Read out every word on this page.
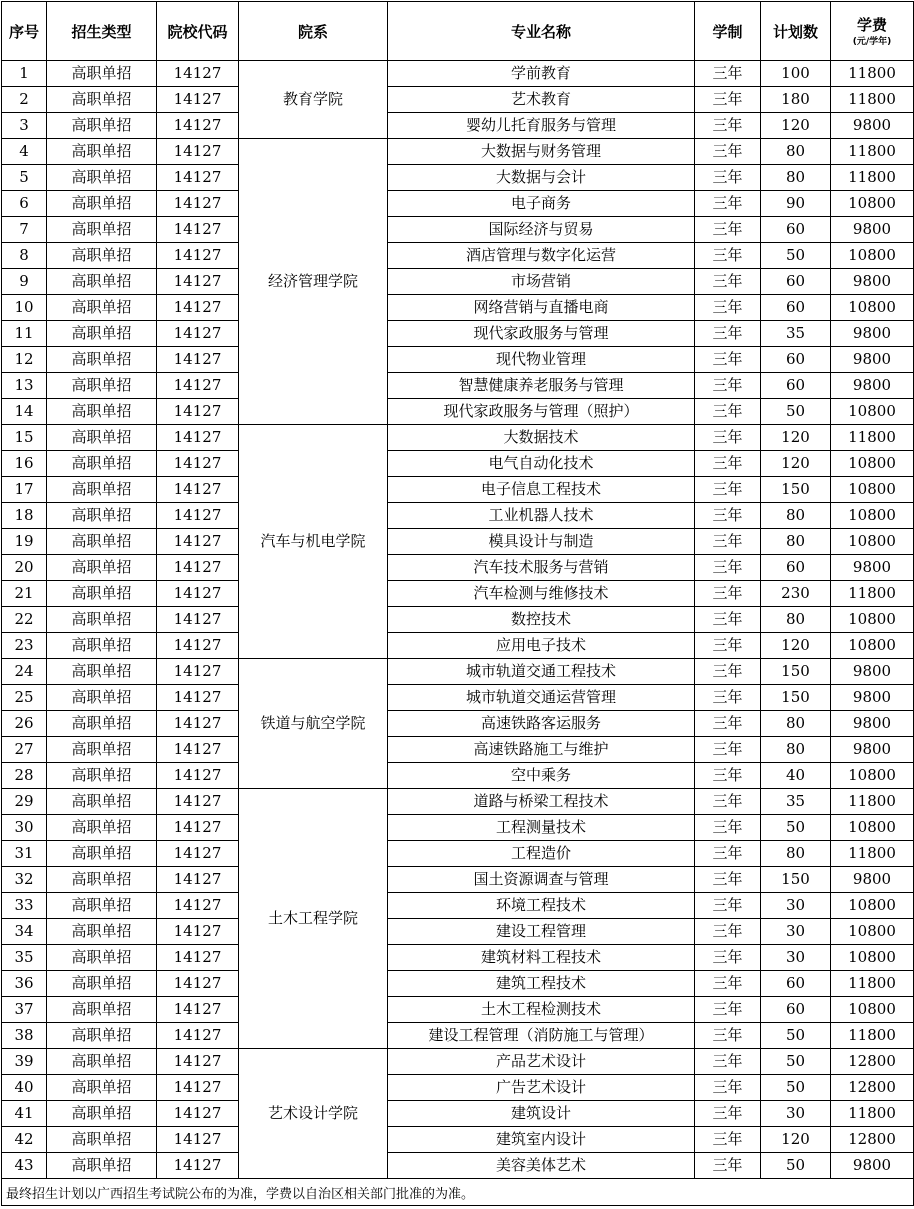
序号	招生类型	院校代码	院系	专业名称	学制	计划数	学费
(元/学年)

1	高职单招	14127	教育学院	学前教育	三年	100	11800
2	高职单招	14127		艺术教育	三年	180	11800
3	高职单招	14127		婴幼儿托育服务与管理	三年	120	9800
4	高职单招	14127	经济管理学院	大数据与财务管理	三年	80	11800
5	高职单招	14127		大数据与会计	三年	80	11800
6	高职单招	14127		电子商务	三年	90	10800
7	高职单招	14127		国际经济与贸易	三年	60	9800
8	高职单招	14127		酒店管理与数字化运营	三年	50	10800
9	高职单招	14127		市场营销	三年	60	9800
10	高职单招	14127		网络营销与直播电商	三年	60	10800
11	高职单招	14127		现代家政服务与管理	三年	35	9800
12	高职单招	14127		现代物业管理	三年	60	9800
13	高职单招	14127		智慧健康养老服务与管理	三年	60	9800
14	高职单招	14127		现代家政服务与管理（照护）	三年	50	10800
15	高职单招	14127	汽车与机电学院	大数据技术	三年	120	11800
16	高职单招	14127		电气自动化技术	三年	120	10800
17	高职单招	14127		电子信息工程技术	三年	150	10800
18	高职单招	14127		工业机器人技术	三年	80	10800
19	高职单招	14127		模具设计与制造	三年	80	10800
20	高职单招	14127		汽车技术服务与营销	三年	60	9800
21	高职单招	14127		汽车检测与维修技术	三年	230	11800
22	高职单招	14127		数控技术	三年	80	10800
23	高职单招	14127		应用电子技术	三年	120	10800
24	高职单招	14127	铁道与航空学院	城市轨道交通工程技术	三年	150	9800
25	高职单招	14127		城市轨道交通运营管理	三年	150	9800
26	高职单招	14127		高速铁路客运服务	三年	80	9800
27	高职单招	14127		高速铁路施工与维护	三年	80	9800
28	高职单招	14127		空中乘务	三年	40	10800
29	高职单招	14127	土木工程学院	道路与桥梁工程技术	三年	35	11800
30	高职单招	14127		工程测量技术	三年	50	10800
31	高职单招	14127		工程造价	三年	80	11800
32	高职单招	14127		国土资源调查与管理	三年	150	9800
33	高职单招	14127		环境工程技术	三年	30	10800
34	高职单招	14127		建设工程管理	三年	30	10800
35	高职单招	14127		建筑材料工程技术	三年	30	10800
36	高职单招	14127		建筑工程技术	三年	60	11800
37	高职单招	14127		土木工程检测技术	三年	60	10800
38	高职单招	14127		建设工程管理（消防施工与管理）	三年	50	11800
39	高职单招	14127	艺术设计学院	产品艺术设计	三年	50	12800
40	高职单招	14127		广告艺术设计	三年	50	12800
41	高职单招	14127		建筑设计	三年	30	11800
42	高职单招	14127		建筑室内设计	三年	120	12800
43	高职单招	14127		美容美体艺术	三年	50	9800
最终招生计划以广西招生考试院公布的为准，学费以自治区相关部门批准的为准。							
